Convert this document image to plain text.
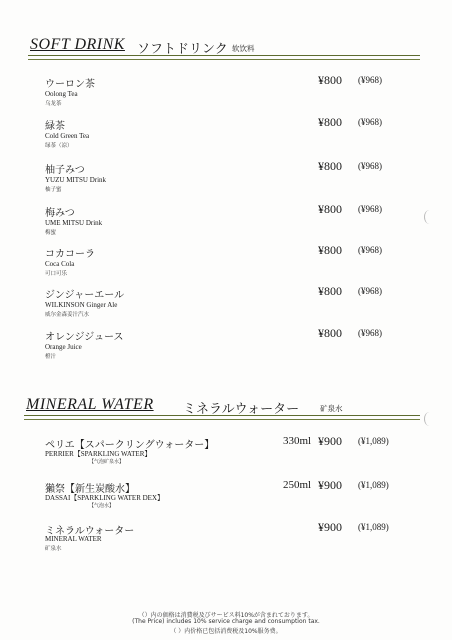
SOFT DRINK ソフトドリンク 软饮料
ウーロン茶
Oolong Tea
乌龙茶
¥800 (¥968)
緑茶
Cold Green Tea
绿茶（凉）
¥800 (¥968)
柚子みつ
YUZU MITSU Drink
柚子蜜
¥800 (¥968)
梅みつ
UME MITSU Drink
梅蜜
¥800 (¥968)
コカコーラ
Coca Cola
可口可乐
¥800 (¥968)
ジンジャーエール
WILKINSON Ginger Ale
威尔金森姜汁汽水
¥800 (¥968)
オレンジジュース
Orange Juice
橙汁
¥800 (¥968)
MINERAL WATER ミネラルウォーター	矿泉水
ペリエ【スパークリングウォーター】
PERRIER【SPARKLING WATER】
【气泡矿泉水】
330ml ¥900 (¥1,089)
獺祭【新生炭酸水】
DASSAI【SPARKLING WATER DEX】
【气泡水】
250ml ¥900 (¥1,089)
ミネラルウォーター
MINERAL WATER
矿泉水
¥900 (¥1,089)
（）内の価格は消費税及びサービス料10%が含まれております。
(The Price) includes 10% service charge and consumption tax.
（ ）内价格已包括消费税及10%服务费。
